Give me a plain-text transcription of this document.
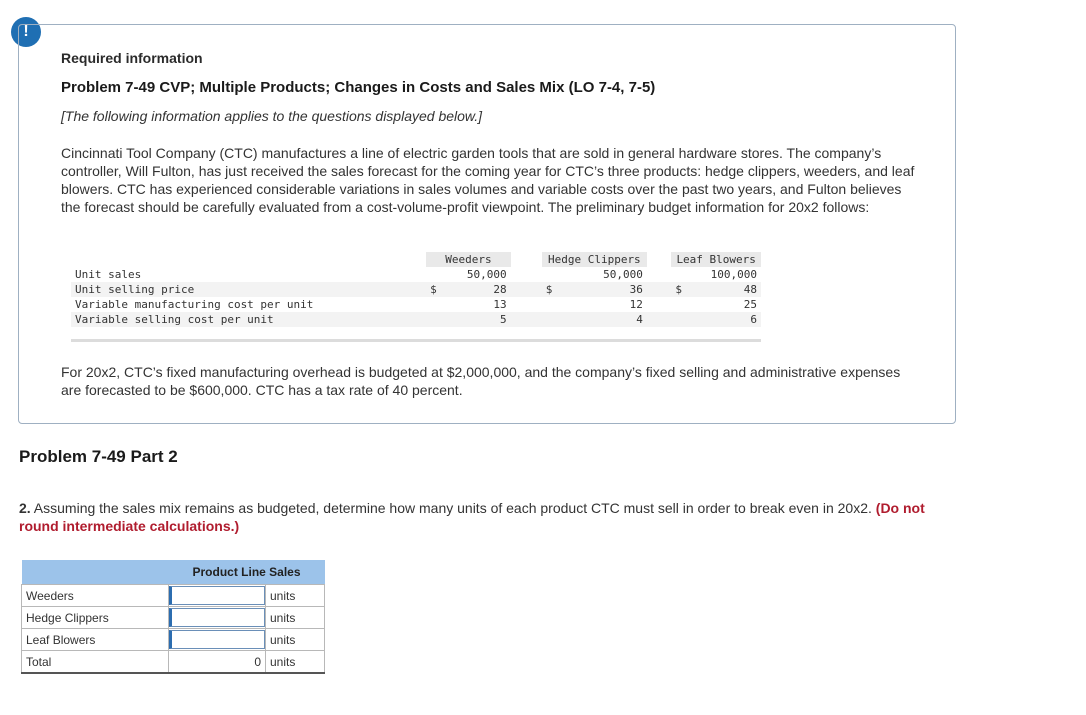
!
Required information
Problem 7-49 CVP; Multiple Products; Changes in Costs and Sales Mix (LO 7-4, 7-5)
[The following information applies to the questions displayed below.]
Cincinnati Tool Company (CTC) manufactures a line of electric garden tools that are sold in general hardware stores. The company’s controller, Will Fulton, has just received the sales forecast for the coming year for CTC’s three products: hedge clippers, weeders, and leaf blowers. CTC has experienced considerable variations in sales volumes and variable costs over the past two years, and Fulton believes the forecast should be carefully evaluated from a cost-volume-profit viewpoint. The preliminary budget information for 20x2 follows:
	Weeders			Hedge Clippers			Leaf Blowers	
Unit sales		50,000			50,000			100,000
Unit selling price	$	28		$	36		$	48
Variable manufacturing cost per unit		13			12			25
Variable selling cost per unit		5			4			6
For 20x2, CTC’s fixed manufacturing overhead is budgeted at $2,000,000, and the company’s fixed selling and administrative expenses are forecasted to be $600,000. CTC has a tax rate of 40 percent.
Problem 7-49 Part 2
2. Assuming the sales mix remains as budgeted, determine how many units of each product CTC must sell in order to break even in 20x2. (Do not round intermediate calculations.)
	Product Line Sales	
Weeders		units
Hedge Clippers		units
Leaf Blowers		units
Total	0	units
